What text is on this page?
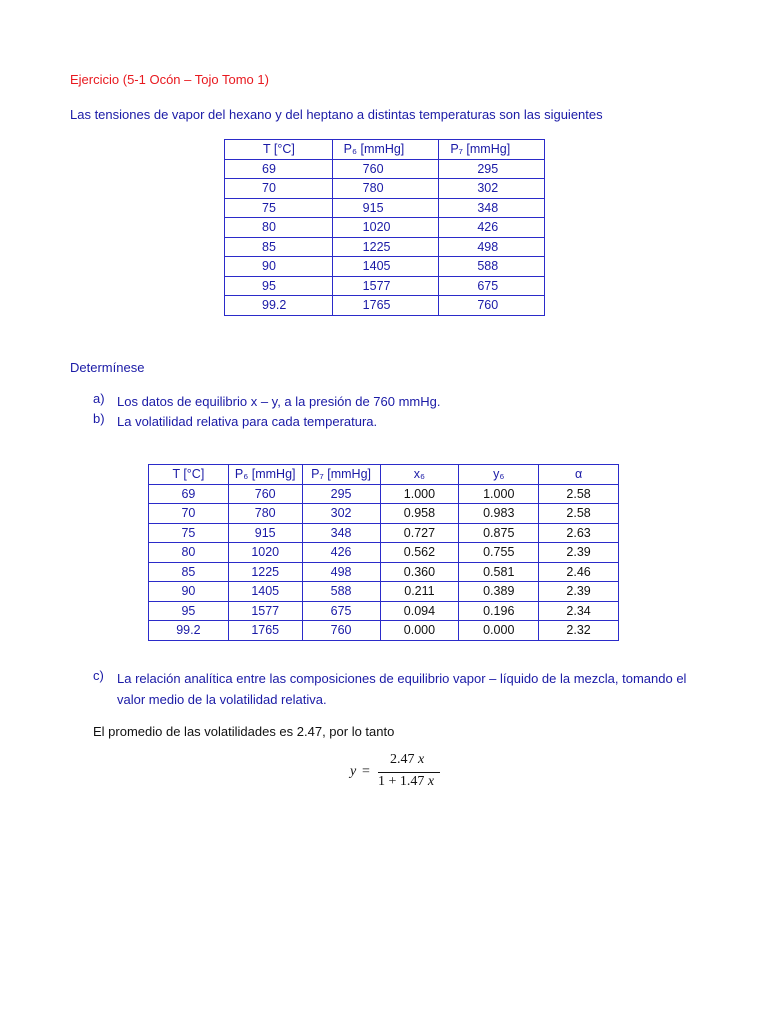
Ejercicio (5-1 Ocón – Tojo Tomo 1)
Las tensiones de vapor del hexano y del heptano a distintas temperaturas son las siguientes
T [°C]	P₆ [mmHg]	P₇ [mmHg]
69	760	295
70	780	302
75	915	348
80	1020	426
85	1225	498
90	1405	588
95	1577	675
99.2	1765	760
Determínese
a) Los datos de equilibrio x – y, a la presión de 760 mmHg.
b) La volatilidad relativa para cada temperatura.
T [°C]	P₆ [mmHg]	P₇ [mmHg]	x₆	y₆	α
69	760	295	1.000	1.000	2.58
70	780	302	0.958	0.983	2.58
75	915	348	0.727	0.875	2.63
80	1020	426	0.562	0.755	2.39
85	1225	498	0.360	0.581	2.46
90	1405	588	0.211	0.389	2.39
95	1577	675	0.094	0.196	2.34
99.2	1765	760	0.000	0.000	2.32
c) La relación analítica entre las composiciones de equilibrio vapor – líquido de la mezcla, tomando el valor medio de la volatilidad relativa.
El promedio de las volatilidades es 2.47, por lo tanto
y =
2.47 x
1 + 1.47 x
